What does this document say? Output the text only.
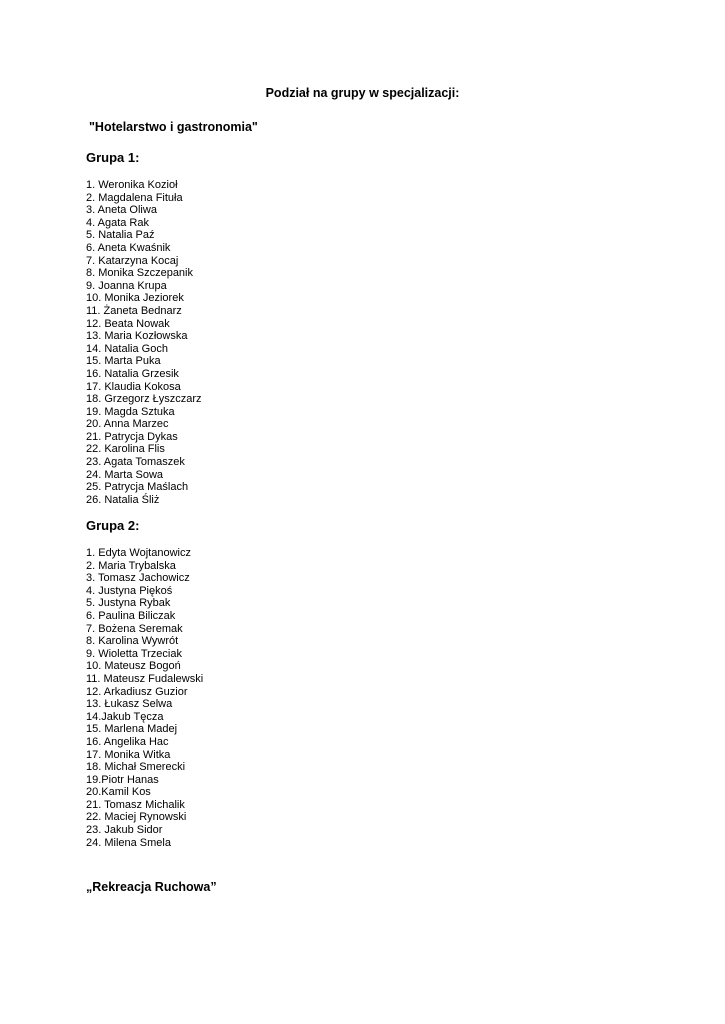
Podział na grupy w specjalizacji:
"Hotelarstwo i gastronomia"
Grupa 1:
1. Weronika Kozioł
2. Magdalena Fituła
3. Aneta Oliwa
4. Agata Rak
5. Natalia Paź
6. Aneta Kwaśnik
7. Katarzyna Kocaj
8. Monika Szczepanik
9. Joanna Krupa
10. Monika Jeziorek
11. Żaneta Bednarz
12. Beata Nowak
13. Maria Kozłowska
14. Natalia Goch
15. Marta Puka
16. Natalia Grzesik
17. Klaudia Kokosa
18. Grzegorz Łyszczarz
19. Magda Sztuka
20. Anna Marzec
21. Patrycja Dykas
22. Karolina Flis
23. Agata Tomaszek
24. Marta Sowa
25. Patrycja Maślach
26. Natalia Śliż
Grupa 2:
1. Edyta Wojtanowicz
2. Maria Trybalska
3. Tomasz Jachowicz
4. Justyna Piękoś
5. Justyna Rybak
6. Paulina Biliczak
7. Bożena Seremak
8. Karolina Wywrót
9. Wioletta Trzeciak
10. Mateusz Bogoń
11. Mateusz Fudalewski
12. Arkadiusz Guzior
13. Łukasz Selwa
14.Jakub Tęcza
15. Marlena Madej
16. Angelika Hac
17. Monika Witka
18. Michał Smerecki
19.Piotr Hanas
20.Kamil Kos
21. Tomasz Michalik
22. Maciej Rynowski
23. Jakub Sidor
24. Milena Smela
„Rekreacja Ruchowa”
